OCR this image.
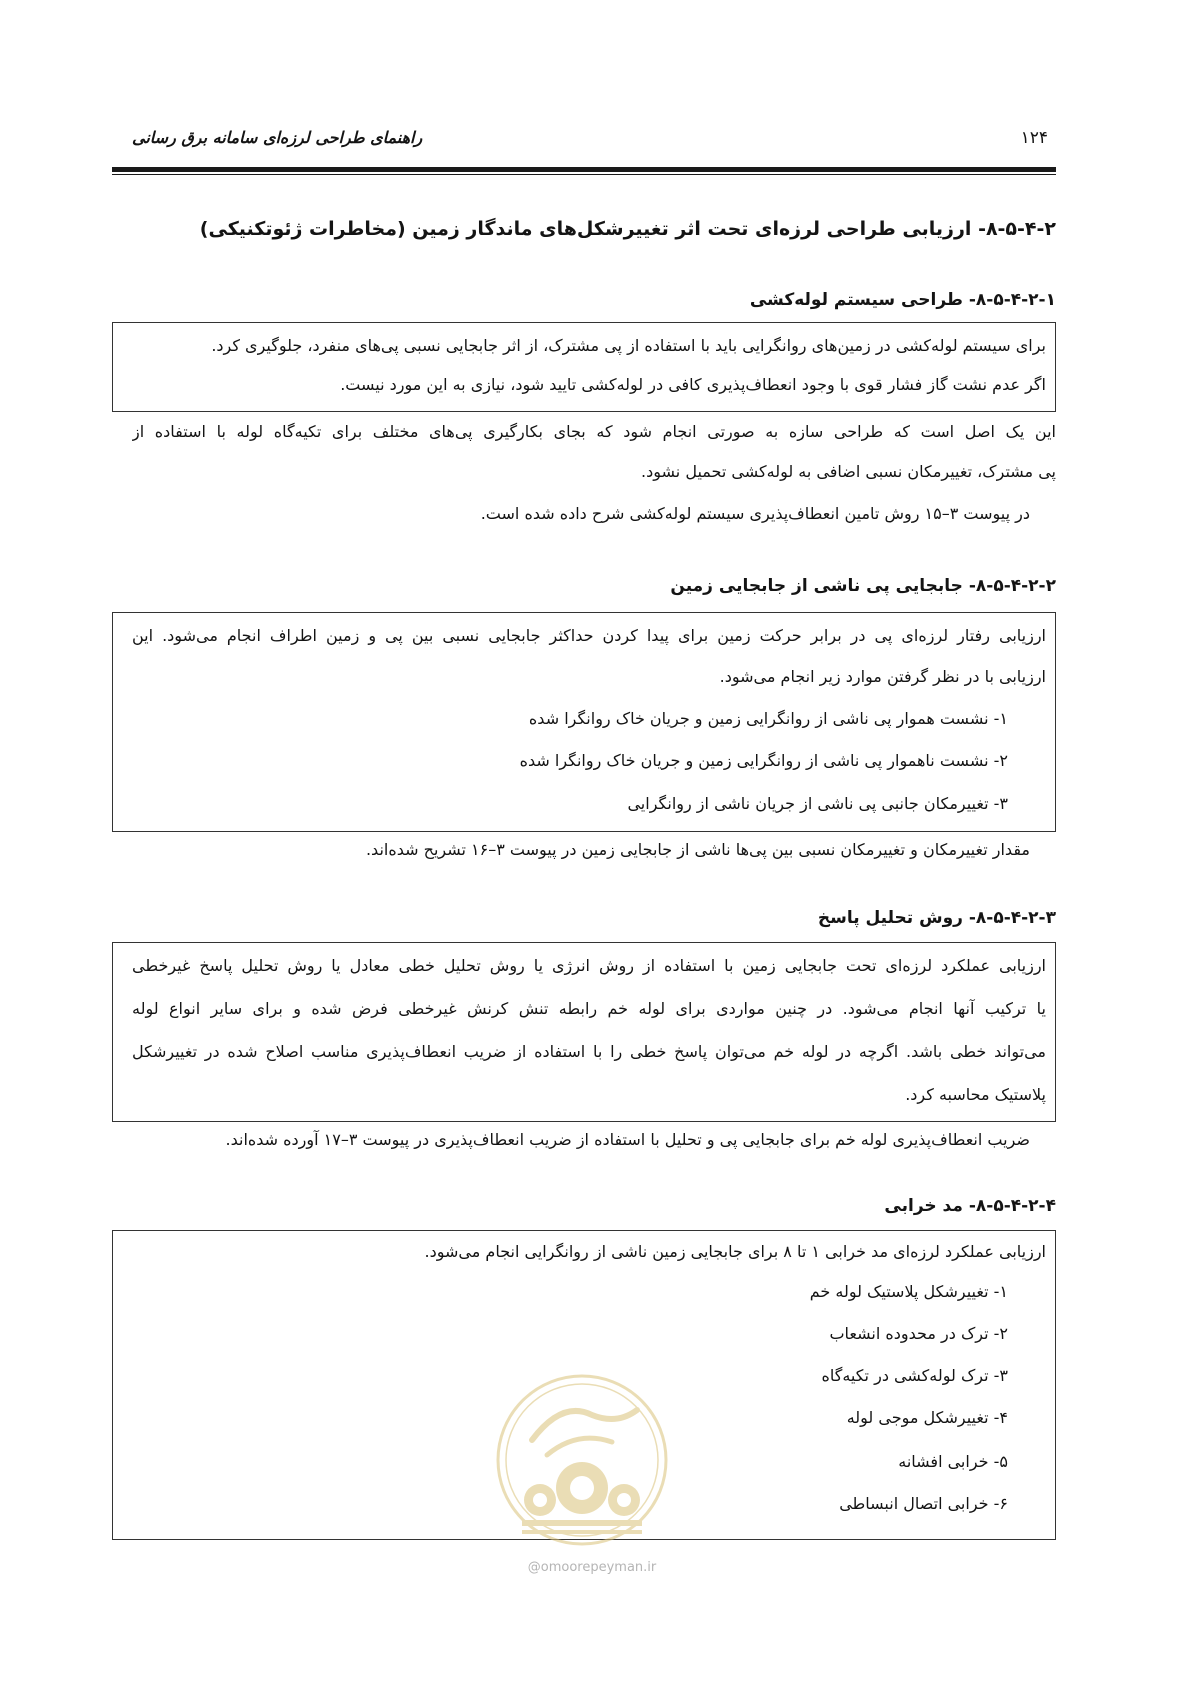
۱۲۴
راهنمای طراحی لرزه‌ای سامانه برق رسانی
۸-۵-۴-۲- ارزیابی طراحی لرزه‌ای تحت اثر تغییرشکل‌های ماندگار زمین (مخاطرات ژئوتکنیکی)
۸-۵-۴-۲-۱- طراحی سیستم لوله‌کشی
برای سیستم لوله‌کشی در زمین‌های روانگرایی باید با استفاده از پی مشترک، از اثر جابجایی نسبی پی‌های منفرد، جلوگیری کرد.
اگر عدم نشت گاز فشار قوی با وجود انعطاف‌پذیری کافی در لوله‌کشی تایید شود، نیازی به این مورد نیست.
این یک اصل است که طراحی سازه به صورتی انجام شود که بجای بکارگیری پی‌های مختلف برای تکیه‌گاه لوله با استفاده از
پی مشترک، تغییرمکان نسبی اضافی به لوله‌کشی تحمیل نشود.
در پیوست ۳–۱۵ روش تامین انعطاف‌پذیری سیستم لوله‌کشی شرح داده شده است.
۸-۵-۴-۲-۲- جابجایی پی ناشی از جابجایی زمین
ارزیابی رفتار لرزه‌ای پی در برابر حرکت زمین برای پیدا کردن حداکثر جابجایی نسبی بین پی و زمین اطراف انجام می‌شود. این
ارزیابی با در نظر گرفتن موارد زیر انجام می‌شود.
۱- نشست هموار پی ناشی از روانگرایی زمین و جریان خاک روانگرا شده
۲- نشست ناهموار پی ناشی از روانگرایی زمین و جریان خاک روانگرا شده
۳- تغییرمکان جانبی پی ناشی از جریان ناشی از روانگرایی
مقدار تغییرمکان و تغییرمکان نسبی بین پی‌ها ناشی از جابجایی زمین در پیوست ۳–۱۶ تشریح شده‌اند.
۸-۵-۴-۲-۳- روش تحلیل پاسخ
ارزیابی عملکرد لرزه‌ای تحت جابجایی زمین با استفاده از روش انرژی یا روش تحلیل خطی معادل یا روش تحلیل پاسخ غیرخطی
یا ترکیب آنها انجام می‌شود. در چنین مواردی برای لوله خم رابطه تنش کرنش غیرخطی فرض شده و برای سایر انواع لوله
می‌تواند خطی باشد. اگرچه در لوله خم می‌توان پاسخ خطی را با استفاده از ضریب انعطاف‌پذیری مناسب اصلاح شده در تغییرشکل
پلاستیک محاسبه کرد.
ضریب انعطاف‌پذیری لوله خم برای جابجایی پی و تحلیل با استفاده از ضریب انعطاف‌پذیری در پیوست ۳–۱۷ آورده شده‌اند.
۸-۵-۴-۲-۴- مد خرابی
ارزیابی عملکرد لرزه‌ای مد خرابی ۱ تا ۸ برای جابجایی زمین ناشی از روانگرایی انجام می‌شود.
۱- تغییرشکل پلاستیک لوله خم
۲- ترک در محدوده انشعاب
۳- ترک لوله‌کشی در تکیه‌گاه
۴- تغییرشکل موجی لوله
۵- خرابی افشانه
۶- خرابی اتصال انبساطی
@omoorepeyman.ir
